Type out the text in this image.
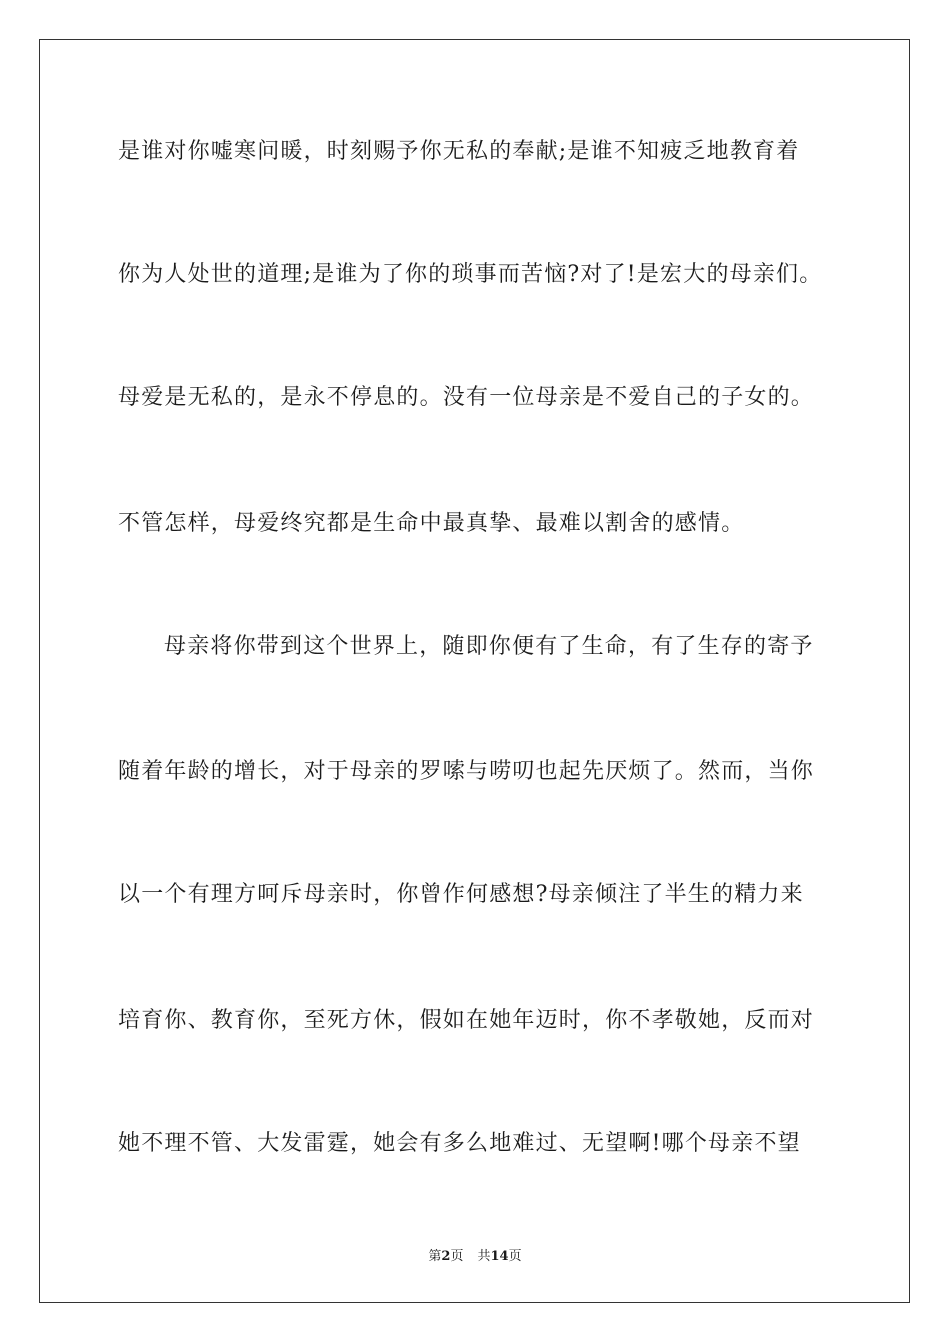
是谁对你嘘寒问暖，时刻赐予你无私的奉献;是谁不知疲乏地教育着
你为人处世的道理;是谁为了你的琐事而苦恼?对了!是宏大的母亲们。
母爱是无私的，是永不停息的。没有一位母亲是不爱自己的子女的。
不管怎样，母爱终究都是生命中最真挚、最难以割舍的感情。
母亲将你带到这个世界上，随即你便有了生命，有了生存的寄予
随着年龄的增长，对于母亲的罗嗦与唠叨也起先厌烦了。然而，当你
以一个有理方呵斥母亲时，你曾作何感想?母亲倾注了半生的精力来
培育你、教育你，至死方休，假如在她年迈时，你不孝敬她，反而对
她不理不管、大发雷霆，她会有多么地难过、无望啊!哪个母亲不望
第2页 共14页
